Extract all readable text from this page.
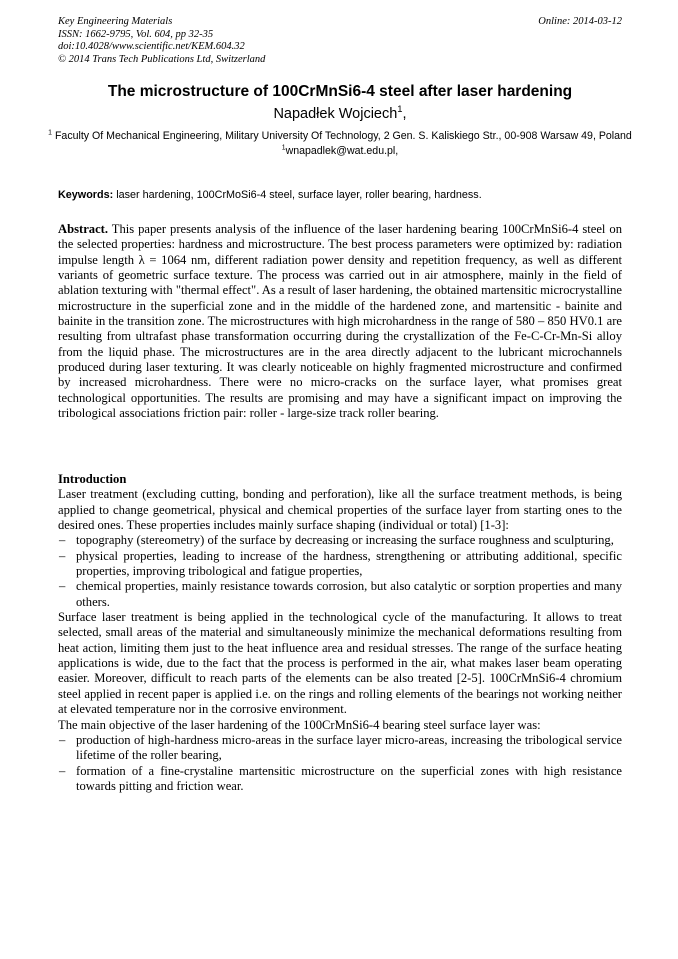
Key Engineering Materials	Online: 2014-03-12
ISSN: 1662-9795, Vol. 604, pp 32-35
doi:10.4028/www.scientific.net/KEM.604.32
© 2014 Trans Tech Publications Ltd, Switzerland
The microstructure of 100CrMnSi6-4 steel after laser hardening
Napadłek Wojciech$^1$,
$^1$ Faculty Of Mechanical Engineering, Military University Of Technology, 2 Gen. S. Kaliskiego Str., 00-908 Warsaw 49, Poland
$^1$wnapadlek@wat.edu.pl,
Keywords: laser hardening, 100CrMoSi6-4 steel, surface layer, roller bearing, hardness.

Abstract. This paper presents analysis of the influence of the laser hardening bearing 100CrMnSi6-4 steel on the selected properties: hardness and microstructure. The best process parameters were optimized by: radiation impulse length λ = 1064 nm, different radiation power density and repetition frequency, as well as different variants of geometric surface texture. The process was carried out in air atmosphere, mainly in the field of ablation texturing with "thermal effect". As a result of laser hardening, the obtained martensitic microcrystalline microstructure in the superficial zone and in the middle of the hardened zone, and martensitic - bainite and bainite in the transition zone. The microstructures with high microhardness in the range of 580 – 850 HV0.1 are resulting from ultrafast phase transformation occurring during the crystallization of the Fe-C-Cr-Mn-Si alloy from the liquid phase. The microstructures are in the area directly adjacent to the lubricant microchannels produced during laser texturing. It was clearly noticeable on highly fragmented microstructure and confirmed by increased microhardness. There were no micro-cracks on the surface layer, what promises great technological opportunities. The results are promising and may have a significant impact on improving the tribological associations friction pair: roller - large-size track roller bearing.

Introduction

Laser treatment (excluding cutting, bonding and perforation), like all the surface treatment methods, is being applied to change geometrical, physical and chemical properties of the surface layer from starting ones to the desired ones. These properties includes mainly surface shaping (individual or total) [1-3]:

– topography (stereometry) of the surface by decreasing or increasing the surface roughness and sculpturing,
– physical properties, leading to increase of the hardness, strengthening or attributing additional, specific properties, improving tribological and fatigue properties,
– chemical properties, mainly resistance towards corrosion, but also catalytic or sorption properties and many others.

Surface laser treatment is being applied in the technological cycle of the manufacturing. It allows to treat selected, small areas of the material and simultaneously minimize the mechanical deformations resulting from heat action, limiting them just to the heat influence area and residual stresses. The range of the surface heating applications is wide, due to the fact that the process is performed in the air, what makes laser beam operating easier. Moreover, difficult to reach parts of the elements can be also treated [2-5]. 100CrMnSi6-4 chromium steel applied in recent paper is applied i.e. on the rings and rolling elements of the bearings not working neither at elevated temperature nor in the corrosive environment.

The main objective of the laser hardening of the 100CrMnSi6-4 bearing steel surface layer was:

– production of high-hardness micro-areas in the surface layer micro-areas, increasing the tribological service lifetime of the roller bearing,
– formation of a fine-crystaline martensitic microstructure on the superficial zones with high resistance towards pitting and friction wear.
